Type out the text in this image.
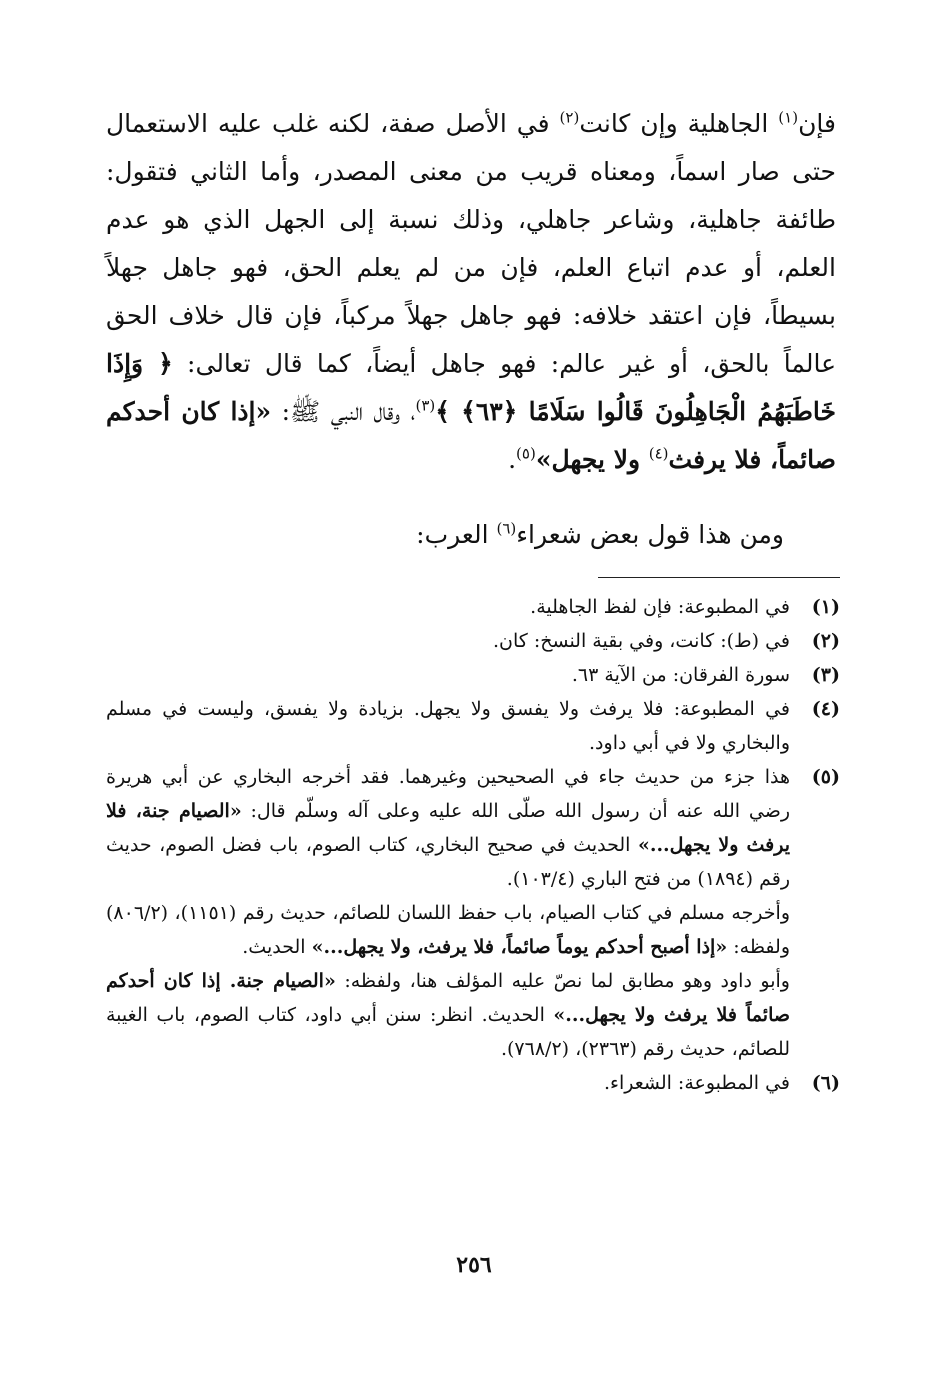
فإن$^{(١)}$ الجاهلية وإن كانت$^{(٢)}$ في الأصل صفة، لكنه غلب عليه الاستعمال حتى صار اسماً، ومعناه قريب من معنى المصدر، وأما الثاني فتقول: طائفة جاهلية، وشاعر جاهلي، وذلك نسبة إلى الجهل الذي هو عدم العلم، أو عدم اتباع العلم، فإن من لم يعلم الحق، فهو جاهل جهلاً بسيطاً، فإن اعتقد خلافه: فهو جاهل جهلاً مركباً، فإن قال خلاف الحق عالماً بالحق، أو غير عالم: فهو جاهل أيضاً، كما قال تعالى: ﴿ وَإِذَا خَاطَبَهُمُ الْجَاهِلُونَ قَالُوا سَلَامًا ﴿٦٣﴾ ﴾$^{(٣)}$، وقال النبي ﷺ: «إذا كان أحدكم صائماً، فلا يرفث$^{(٤)}$ ولا يجهل»$^{(٥)}$.

ومن هذا قول بعض شعراء$^{(٦)}$ العرب:
(١)
في المطبوعة: فإن لفظ الجاهلية.
(٢)
في (ط): كانت، وفي بقية النسخ: كان.
(٣)
سورة الفرقان: من الآية ٦٣.
(٤)
في المطبوعة: فلا يرفث ولا يفسق ولا يجهل. بزيادة ولا يفسق، وليست في مسلم والبخاري ولا في أبي داود.
(٥)
هذا جزء من حديث جاء في الصحيحين وغيرهما. فقد أخرجه البخاري عن أبي هريرة رضي الله عنه أن رسول الله صلّى الله عليه وعلى آله وسلّم قال: «الصيام جنة، فلا يرفث ولا يجهل...» الحديث في صحيح البخاري، كتاب الصوم، باب فضل الصوم، حديث رقم (١٨٩٤) من فتح الباري (١٠٣/٤).
وأخرجه مسلم في كتاب الصيام، باب حفظ اللسان للصائم، حديث رقم (١١٥١)، (٨٠٦/٢) ولفظه: «إذا أصبح أحدكم يوماً صائماً، فلا يرفث، ولا يجهل...» الحديث.
وأبو داود وهو مطابق لما نصّ عليه المؤلف هنا، ولفظه: «الصيام جنة. إذا كان أحدكم صائماً فلا يرفث ولا يجهل...» الحديث. انظر: سنن أبي داود، كتاب الصوم، باب الغيبة للصائم، حديث رقم (٢٣٦٣)، (٧٦٨/٢).
(٦)
في المطبوعة: الشعراء.
٢٥٦
